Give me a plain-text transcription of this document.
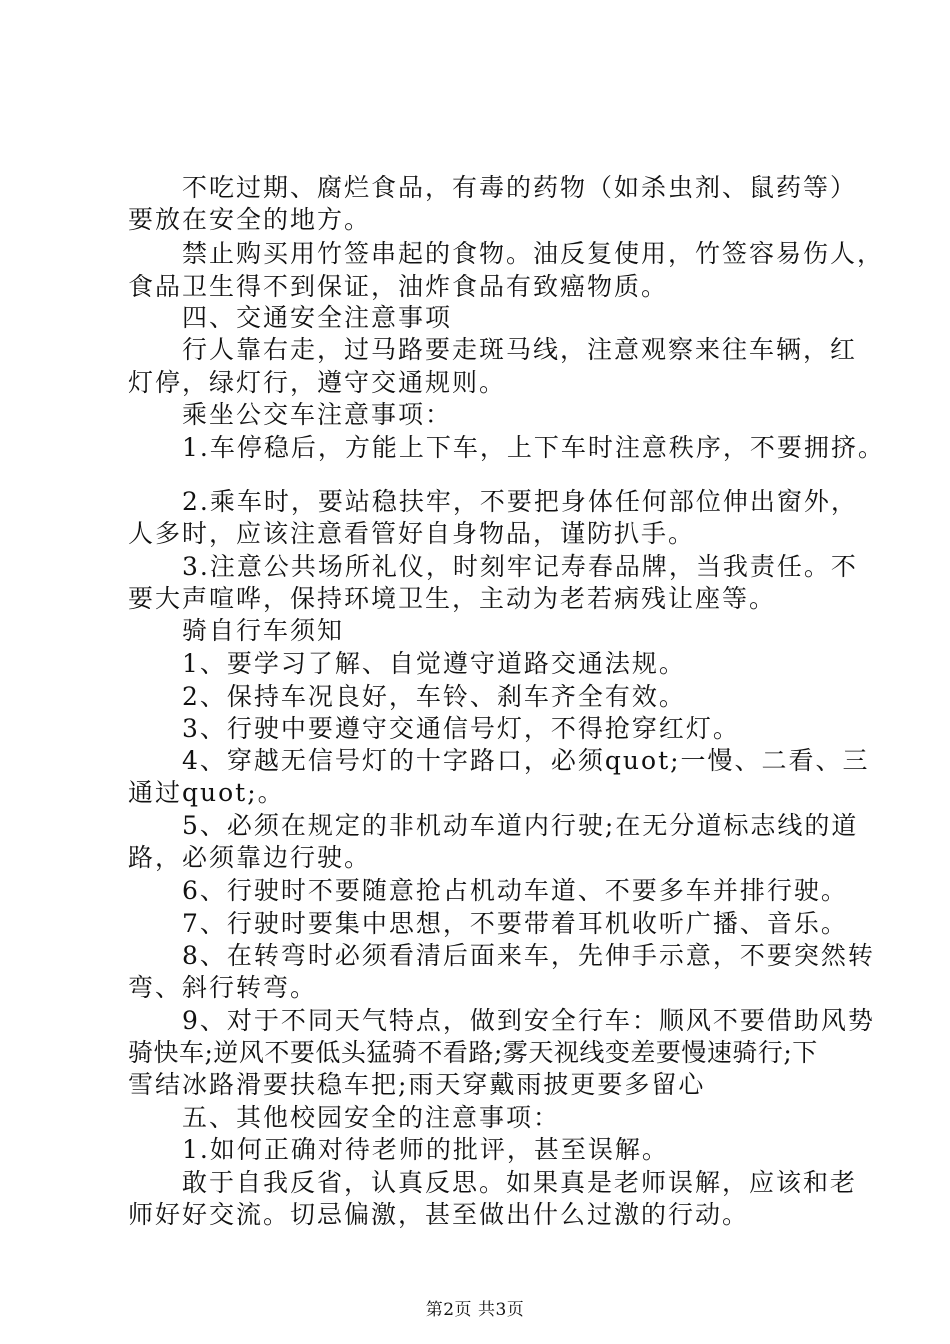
不吃过期、腐烂食品，有毒的药物（如杀虫剂、鼠药等）
要放在安全的地方。
禁止购买用竹签串起的食物。油反复使用，竹签容易伤人，
食品卫生得不到保证，油炸食品有致癌物质。
四、交通安全注意事项
行人靠右走，过马路要走斑马线，注意观察来往车辆，红
灯停，绿灯行，遵守交通规则。
乘坐公交车注意事项：
1.车停稳后，方能上下车，上下车时注意秩序，不要拥挤。
2.乘车时，要站稳扶牢，不要把身体任何部位伸出窗外，
人多时，应该注意看管好自身物品，谨防扒手。
3.注意公共场所礼仪，时刻牢记寿春品牌，当我责任。不
要大声喧哗，保持环境卫生，主动为老若病残让座等。
骑自行车须知
1、要学习了解、自觉遵守道路交通法规。
2、保持车况良好，车铃、刹车齐全有效。
3、行驶中要遵守交通信号灯，不得抢穿红灯。
4、穿越无信号灯的十字路口，必须quot;一慢、二看、三
通过quot;。
5、必须在规定的非机动车道内行驶;在无分道标志线的道
路，必须靠边行驶。
6、行驶时不要随意抢占机动车道、不要多车并排行驶。
7、行驶时要集中思想，不要带着耳机收听广播、音乐。
8、在转弯时必须看清后面来车，先伸手示意，不要突然转
弯、斜行转弯。
9、对于不同天气特点，做到安全行车：顺风不要借助风势
骑快车;逆风不要低头猛骑不看路;雾天视线变差要慢速骑行;下
雪结冰路滑要扶稳车把;雨天穿戴雨披更要多留心
五、其他校园安全的注意事项：
1.如何正确对待老师的批评，甚至误解。
敢于自我反省，认真反思。如果真是老师误解，应该和老
师好好交流。切忌偏激，甚至做出什么过激的行动。
第2页 共3页
